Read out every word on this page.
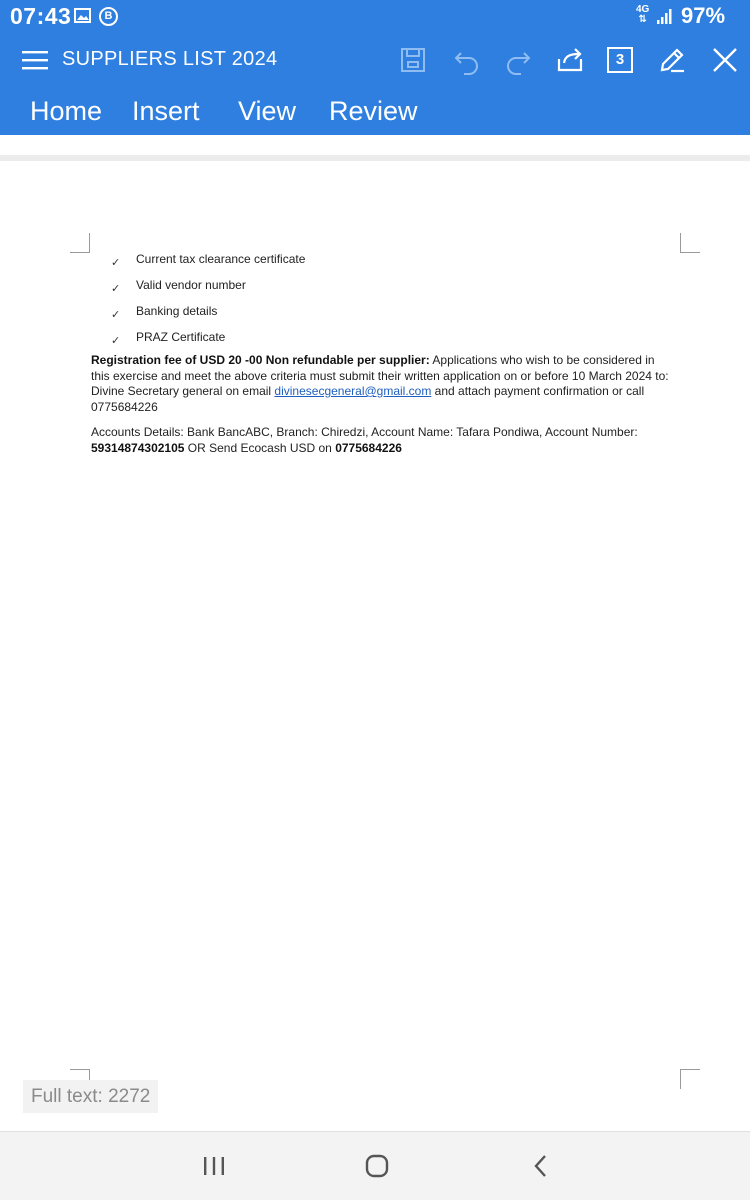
07:43	B
4G
⇅ 97%
SUPPLIERS LIST 2024	3
Home Insert View Review
✓ Current tax clearance certificate
✓ Valid vendor number
✓ Banking details
✓ PRAZ Certificate

Registration fee of USD 20 -00 Non refundable per supplier: Applications who wish to be considered in this exercise and meet the above criteria must submit their written application on or before 10 March 2024 to: Divine Secretary general on email divinesecgeneral@gmail.com and attach payment confirmation or call 0775684226

Accounts Details: Bank BancABC, Branch: Chiredzi, Account Name: Tafara Pondiwa, Account Number: 59314874302105 OR Send Ecocash USD on 0775684226

Full text: 2272
